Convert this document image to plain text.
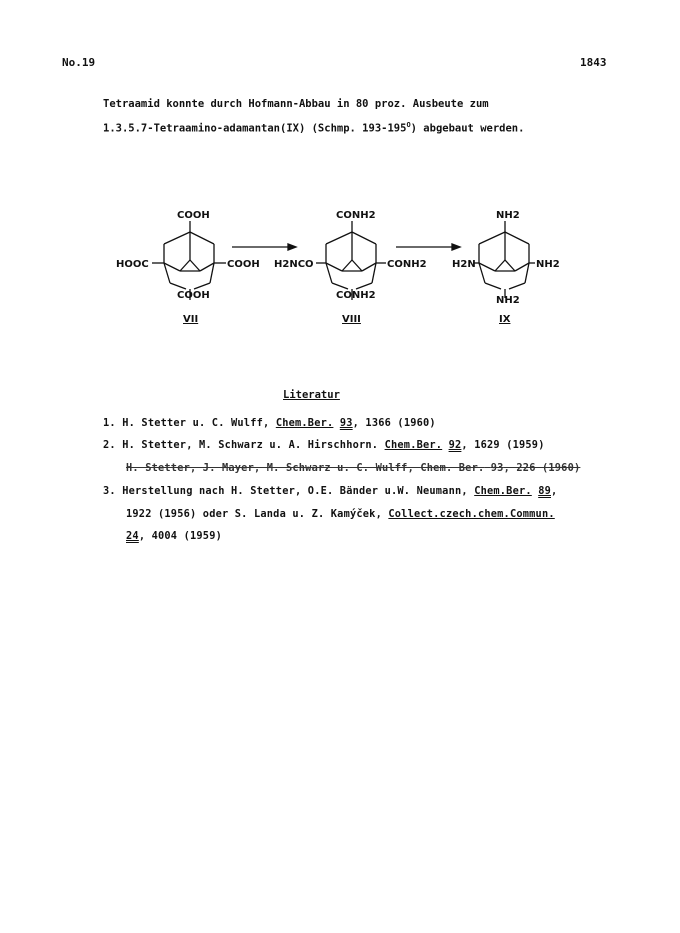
No.19	1843
Tetraamid konnte durch Hofmann-Abbau in 80 proz. Ausbeute zum
1.3.5.7-Tetraamino-adamantan(IX) (Schmp. $193-195^O$) abgebaut werden.
COOH
HOOC	COOH
COOH
VII
CONH2
H2NCO	CONH2
CONH2
VIII
NH2
H2N	NH2
NH2
IX
Literatur
1. H. Stetter u. C. Wulff, Chem.Ber. 93, 1366 (1960)
2. H. Stetter, M. Schwarz u. A. Hirschhorn. Chem.Ber. 92, 1629 (1959)
H. Stetter, J. Mayer, M. Schwarz u. C. Wulff, Chem. Ber. 93, 226 (1960)
3. Herstellung nach H. Stetter, O.E. Bänder u.W. Neumann, Chem.Ber. 89,
1922 (1956) oder S. Landa u. Z. Kamýček, Collect.czech.chem.Commun.
24, 4004 (1959)
